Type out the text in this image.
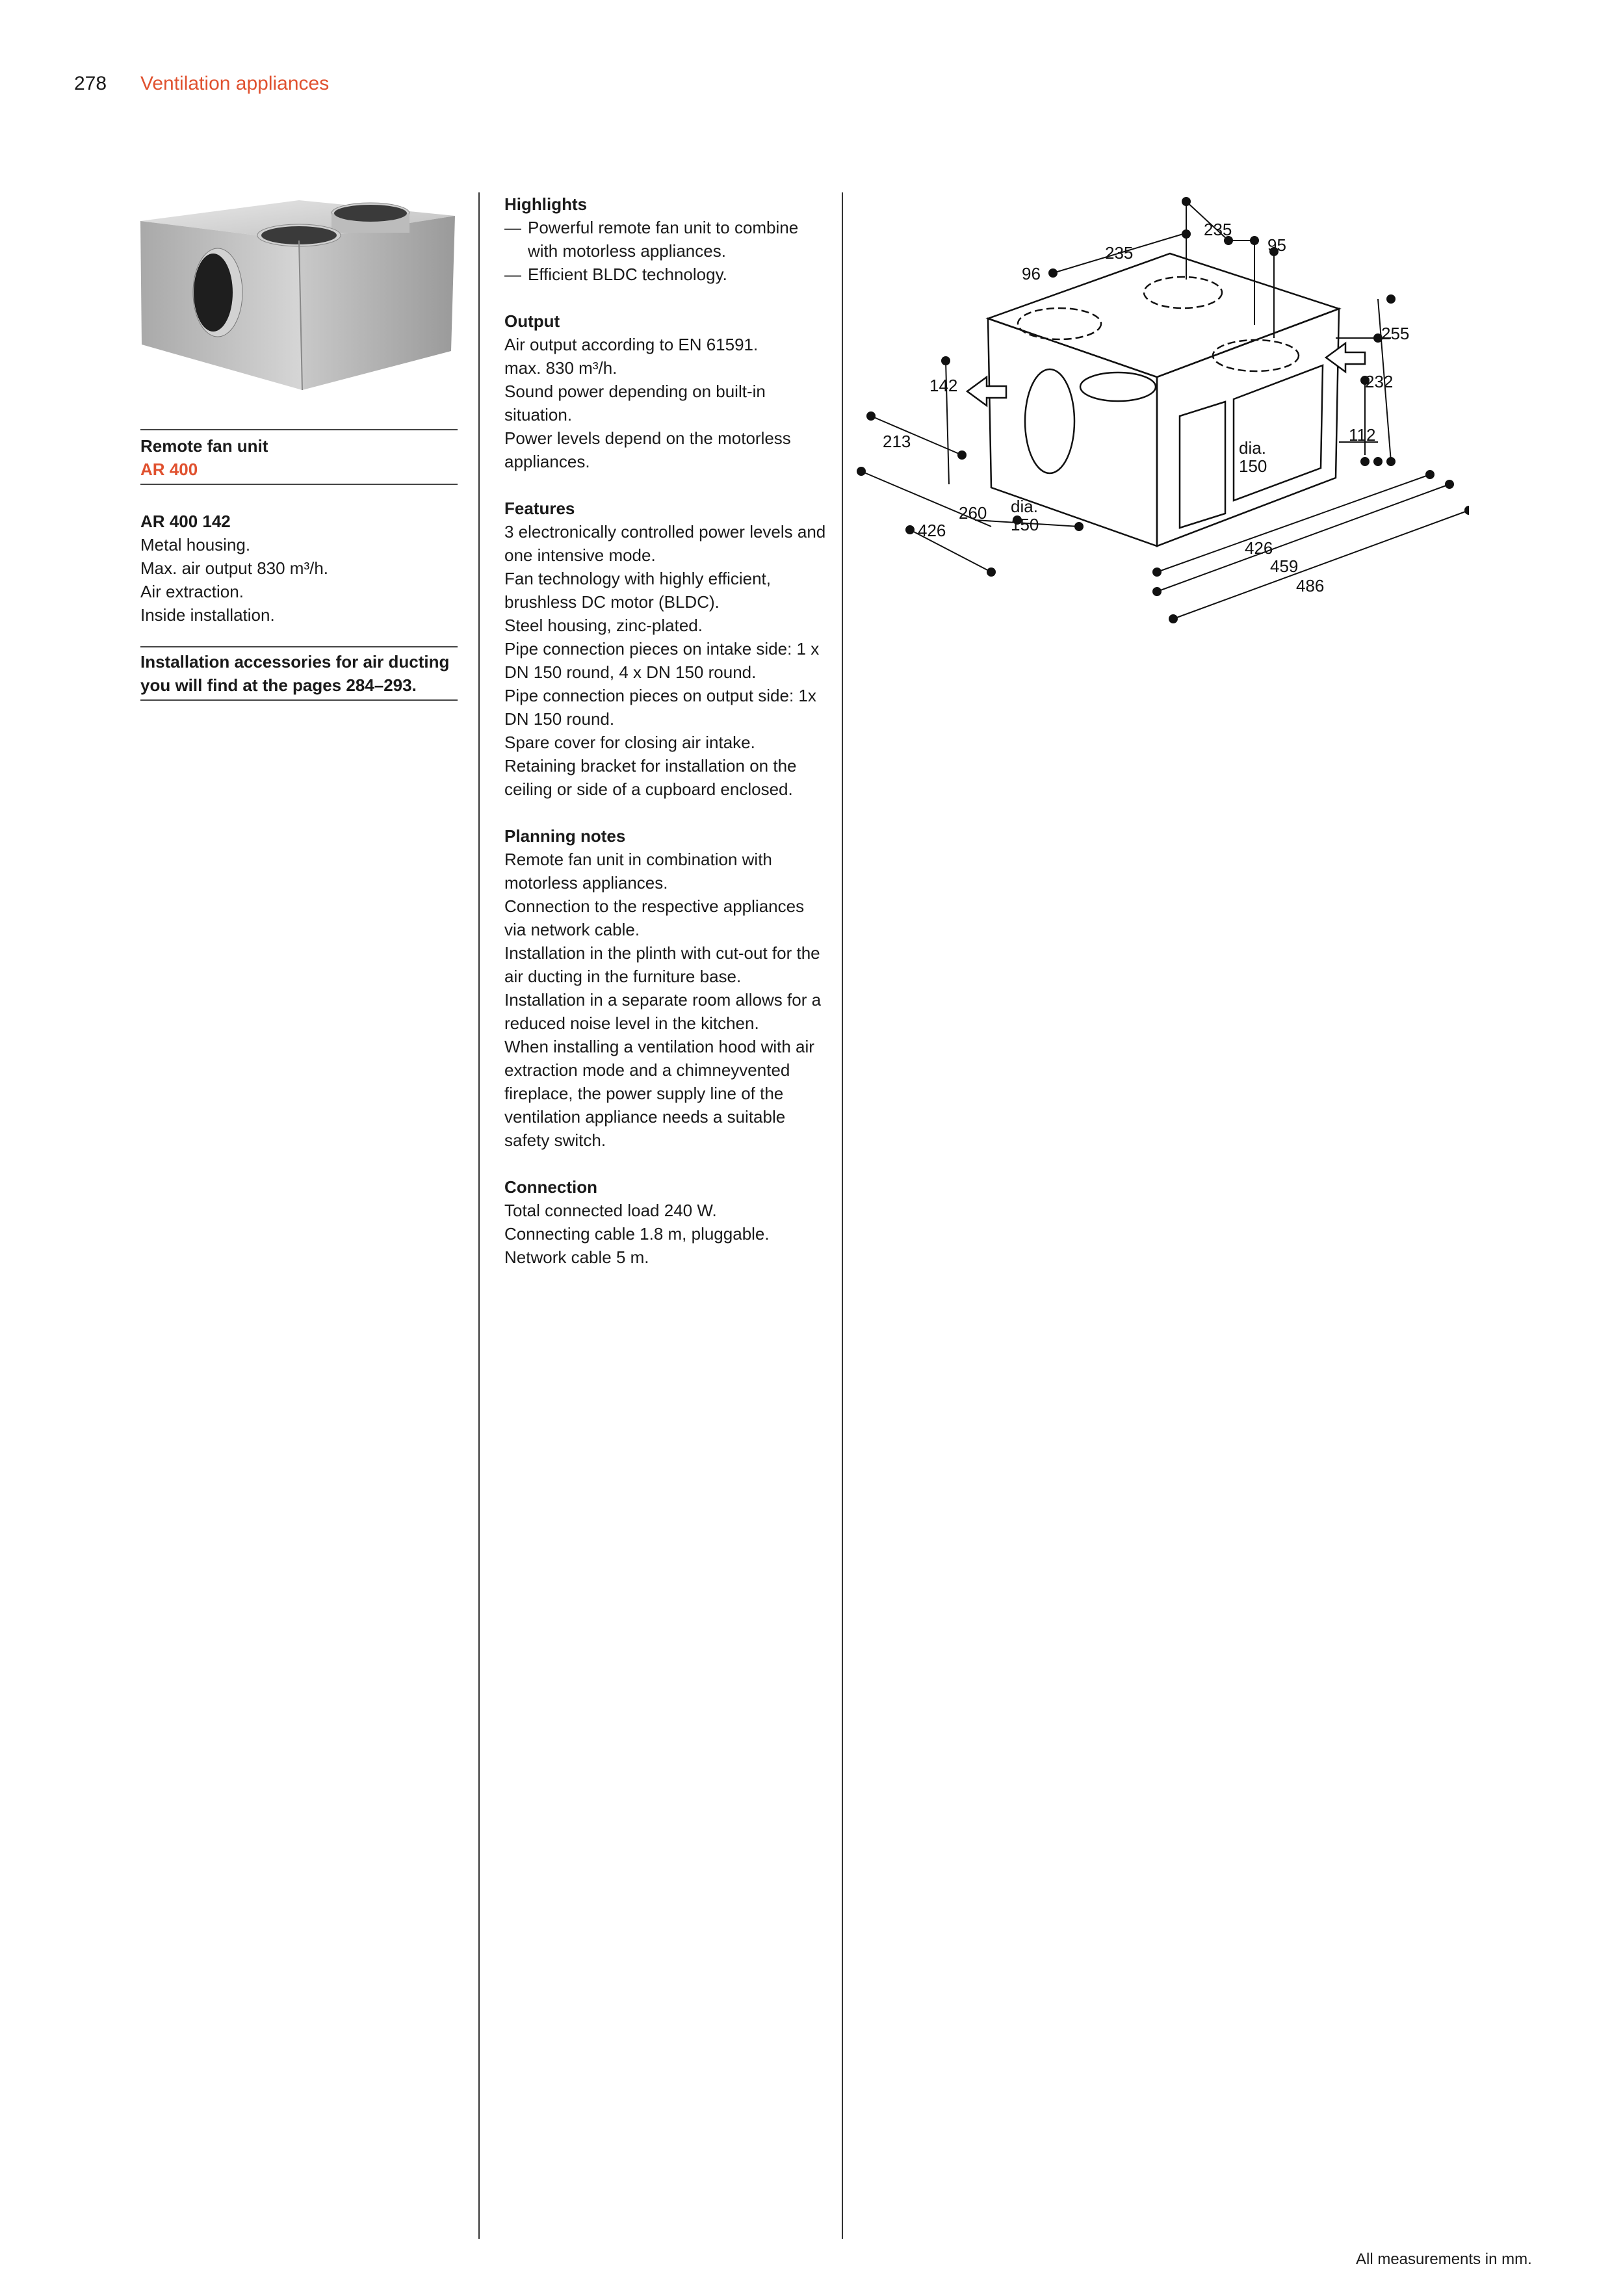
278 Ventilation appliances
Remote fan unit
AR 400
AR 400 142
Metal housing.
Max. air output 830 m³/h.
Air extraction.
Inside installation.
Installation accessories for air ducting
you will find at the pages 284–293.
Highlights
— Powerful remote fan unit to combine with motorless appliances.
— Efficient BLDC technology.
Output
Air output according to EN 61591.
max. 830 m³/h.
Sound power depending on built-in situation.
Power levels depend on the motorless appliances.
Features
3 electronically controlled power levels and one intensive mode.
Fan technology with highly efficient, brushless DC motor (BLDC).
Steel housing, zinc-plated.
Pipe connection pieces on intake side: 1 x DN 150 round, 4 x DN 150 round.
Pipe connection pieces on output side: 1x DN 150 round.
Spare cover for closing air intake.
Retaining bracket for installation on the ceiling or side of a cupboard enclosed.
Planning notes
Remote fan unit in combination with motorless appliances.
Connection to the respective appliances via network cable.
Installation in the plinth with cut-out for the air ducting in the furniture base.
Installation in a separate room allows for a reduced noise level in the kitchen.
When installing a ventilation hood with air extraction mode and a chimneyvented fireplace, the power supply line of the ventilation appliance needs a suitable safety switch.
Connection
Total connected load 240 W.
Connecting cable 1.8 m, pluggable.
Network cable 5 m.
235
235	95
96
255
232
112
142
213
260
426
426
459
486
dia.
150
dia.
150
All measurements in mm.
